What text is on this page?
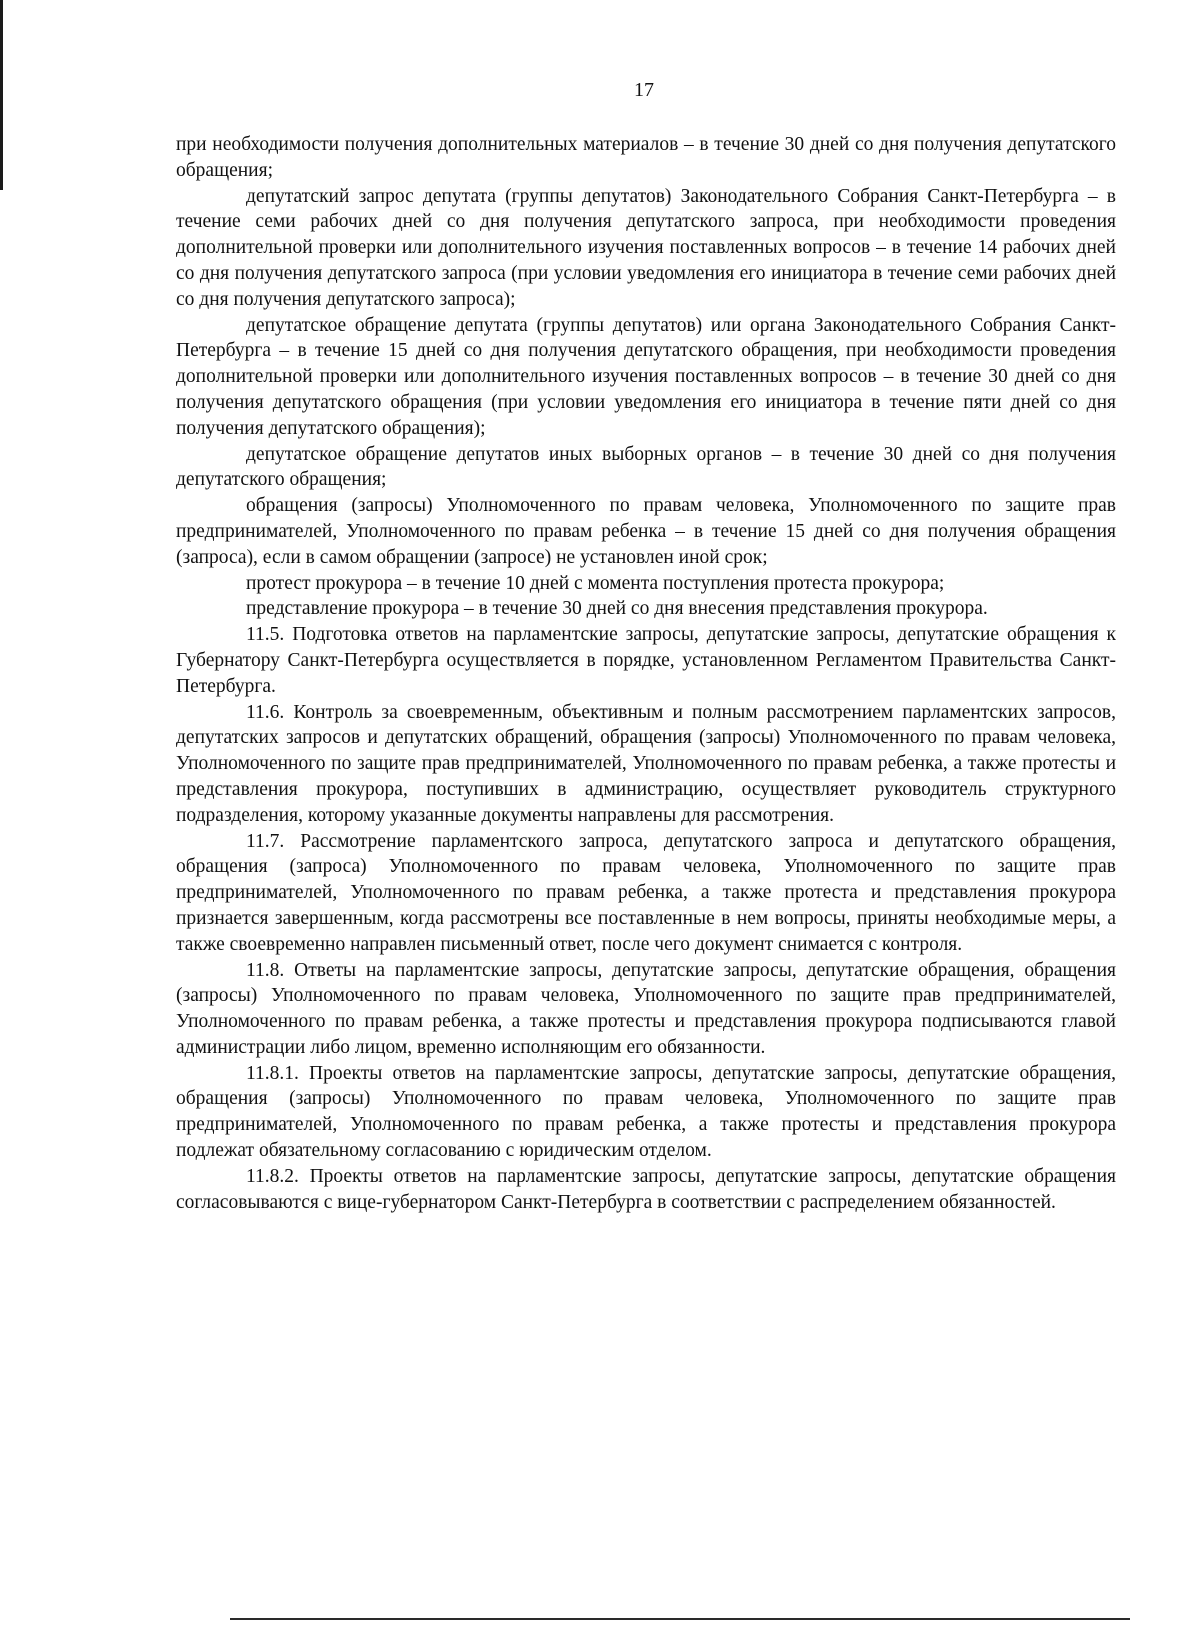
17

при необходимости получения дополнительных материалов – в течение 30 дней со дня получения депутатского обращения;

депутатский запрос депутата (группы депутатов) Законодательного Собрания Санкт-Петербурга – в течение семи рабочих дней со дня получения депутатского запроса, при необходимости проведения дополнительной проверки или дополнительного изучения поставленных вопросов – в течение 14 рабочих дней со дня получения депутатского запроса (при условии уведомления его инициатора в течение семи рабочих дней со дня получения депутатского запроса);

депутатское обращение депутата (группы депутатов) или органа Законодательного Собрания Санкт-Петербурга – в течение 15 дней со дня получения депутатского обращения, при необходимости проведения дополнительной проверки или дополнительного изучения поставленных вопросов – в течение 30 дней со дня получения депутатского обращения (при условии уведомления его инициатора в течение пяти дней со дня получения депутатского обращения);

депутатское обращение депутатов иных выборных органов – в течение 30 дней со дня получения депутатского обращения;

обращения (запросы) Уполномоченного по правам человека, Уполномоченного по защите прав предпринимателей, Уполномоченного по правам ребенка – в течение 15 дней со дня получения обращения (запроса), если в самом обращении (запросе) не установлен иной срок;

протест прокурора – в течение 10 дней с момента поступления протеста прокурора;

представление прокурора – в течение 30 дней со дня внесения представления прокурора.

11.5. Подготовка ответов на парламентские запросы, депутатские запросы, депутатские обращения к Губернатору Санкт-Петербурга осуществляется в порядке, установленном Регламентом Правительства Санкт-Петербурга.

11.6. Контроль за своевременным, объективным и полным рассмотрением парламентских запросов, депутатских запросов и депутатских обращений, обращения (запросы) Уполномоченного по правам человека, Уполномоченного по защите прав предпринимателей, Уполномоченного по правам ребенка, а также протесты и представления прокурора, поступивших в администрацию, осуществляет руководитель структурного подразделения, которому указанные документы направлены для рассмотрения.

11.7. Рассмотрение парламентского запроса, депутатского запроса и депутатского обращения, обращения (запроса) Уполномоченного по правам человека, Уполномоченного по защите прав предпринимателей, Уполномоченного по правам ребенка, а также протеста и представления прокурора признается завершенным, когда рассмотрены все поставленные в нем вопросы, приняты необходимые меры, а также своевременно направлен письменный ответ, после чего документ снимается с контроля.

11.8. Ответы на парламентские запросы, депутатские запросы, депутатские обращения, обращения (запросы) Уполномоченного по правам человека, Уполномоченного по защите прав предпринимателей, Уполномоченного по правам ребенка, а также протесты и представления прокурора подписываются главой администрации либо лицом, временно исполняющим его обязанности.

11.8.1. Проекты ответов на парламентские запросы, депутатские запросы, депутатские обращения, обращения (запросы) Уполномоченного по правам человека, Уполномоченного по защите прав предпринимателей, Уполномоченного по правам ребенка, а также протесты и представления прокурора подлежат обязательному согласованию с юридическим отделом.

11.8.2. Проекты ответов на парламентские запросы, депутатские запросы, депутатские обращения согласовываются с вице-губернатором Санкт-Петербурга в соответствии с распределением обязанностей.
